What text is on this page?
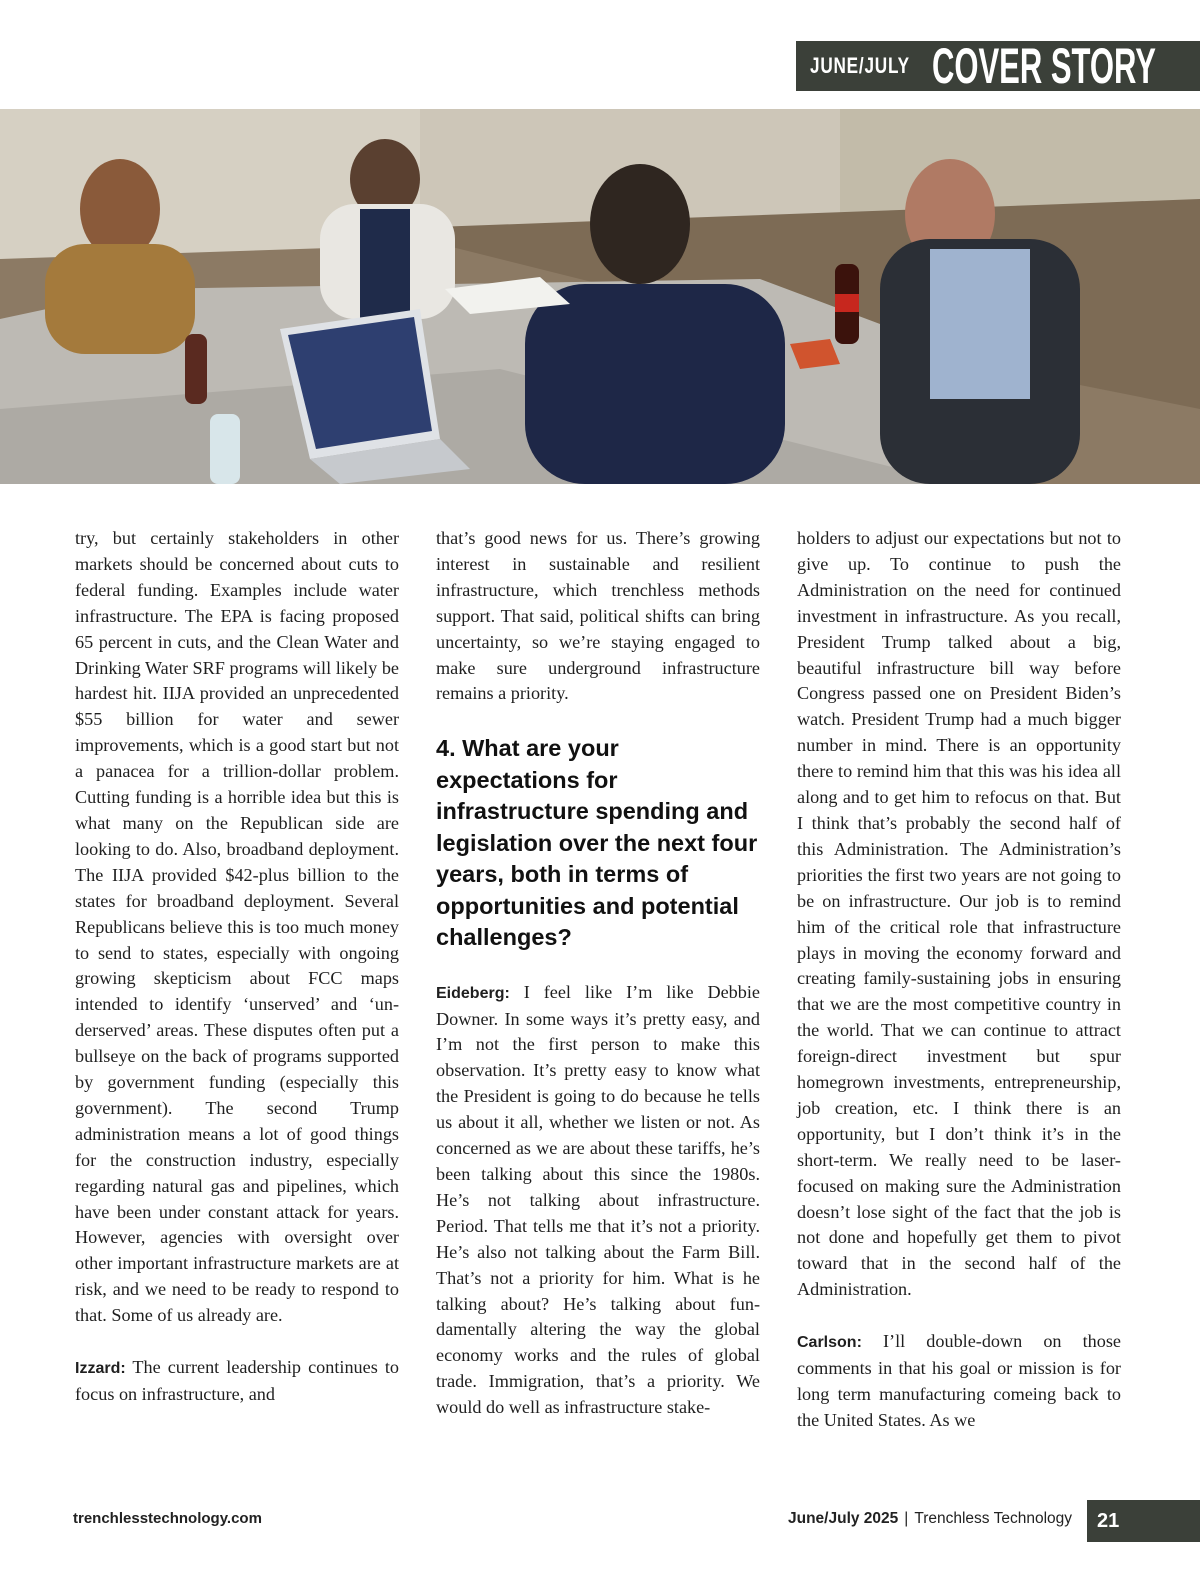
JUNE/JULY COVER STORY

try, but certainly stakeholders in other markets should be concerned about cuts to federal funding. Examples include water infrastructure. The EPA is facing proposed 65 percent in cuts, and the Clean Water and Drinking Water SRF programs will likely be hardest hit. IIJA provided an unprecedented $55 billion for water and sewer improvements, which is a good start but not a panacea for a trillion-dollar problem. Cutting funding is a horrible idea but this is what many on the Republican side are looking to do. Also, broadband deployment. The IIJA provided $42-plus billion to the states for broadband deployment. Several Republicans believe this is too much money to send to states, especially with ongoing growing skepticism about FCC maps intended to identify ‘unserved’ and ‘underserved’ areas. These disputes often put a bullseye on the back of programs supported by government funding (especially this government). The second Trump administration means a lot of good things for the construction industry, especially regarding natural gas and pipelines, which have been under constant attack for years. However, agencies with oversight over other important infrastructure markets are at risk, and we need to be ready to respond to that. Some of us already are.

Izzard: The current leadership continues to focus on infrastructure, and

that’s good news for us. There’s growing interest in sustainable and resilient infrastructure, which trenchless methods support. That said, political shifts can bring uncertainty, so we’re staying engaged to make sure underground infrastructure remains a priority.

4. What are your expectations for infrastructure spending and legislation over the next four years, both in terms of opportunities and potential challenges?

Eideberg: I feel like I’m like Debbie Downer. In some ways it’s pretty easy, and I’m not the first person to make this observation. It’s pretty easy to know what the President is going to do because he tells us about it all, whether we listen or not. As concerned as we are about these tariffs, he’s been talking about this since the 1980s. He’s not talking about infrastructure. Period. That tells me that it’s not a priority. He’s also not talking about the Farm Bill. That’s not a priority for him. What is he talking about? He’s talking about fundamentally altering the way the global economy works and the rules of global trade. Immigration, that’s a priority. We would do well as infrastructure stake-

holders to adjust our expectations but not to give up. To continue to push the Administration on the need for continued investment in infrastructure. As you recall, President Trump talked about a big, beautiful infrastructure bill way before Congress passed one on President Biden’s watch. President Trump had a much bigger number in mind. There is an opportunity there to remind him that this was his idea all along and to get him to refocus on that. But I think that’s probably the second half of this Administration. The Administration’s priorities the first two years are not going to be on infrastructure. Our job is to remind him of the critical role that infrastructure plays in moving the economy forward and creating family-sustaining jobs in ensuring that we are the most competitive country in the world. That we can continue to attract foreign-direct investment but spur homegrown investments, entrepreneurship, job creation, etc. I think there is an opportunity, but I don’t think it’s in the short-term. We really need to be laser-focused on making sure the Administration doesn’t lose sight of the fact that the job is not done and hopefully get them to pivot toward that in the second half of the Administration.

Carlson: I’ll double-down on those comments in that his goal or mission is for long term manufacturing comeing back to the United States. As we

trenchlesstechnology.com	June/July 2025 | Trenchless Technology	21
